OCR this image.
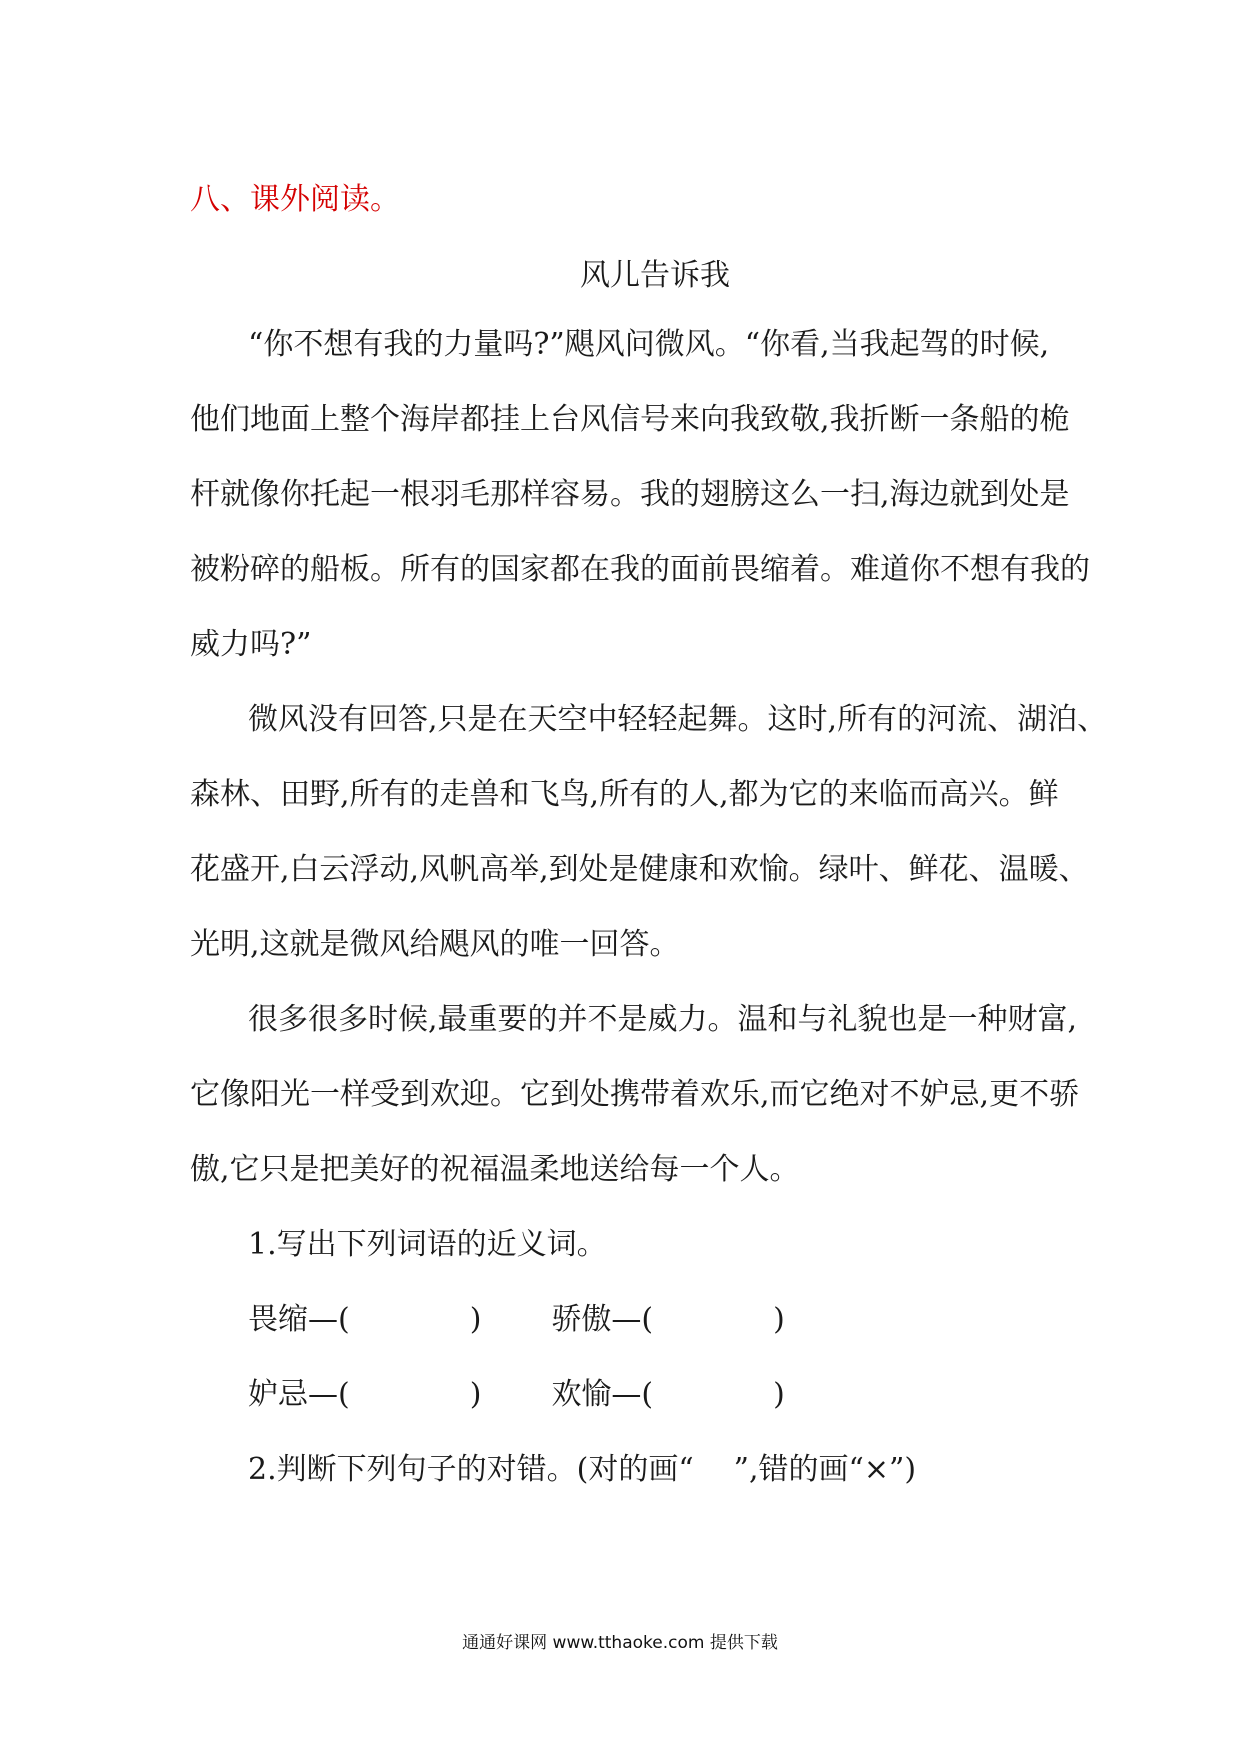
八、课外阅读。
风儿告诉我
“你不想有我的力量吗?”飓风问微风。“你看,当我起驾的时候,
他们地面上整个海岸都挂上台风信号来向我致敬,我折断一条船的桅
杆就像你托起一根羽毛那样容易。我的翅膀这么一扫,海边就到处是
被粉碎的船板。所有的国家都在我的面前畏缩着。难道你不想有我的
威力吗?”
微风没有回答,只是在天空中轻轻起舞。这时,所有的河流、湖泊、
森林、田野,所有的走兽和飞鸟,所有的人,都为它的来临而高兴。鲜
花盛开,白云浮动,风帆高举,到处是健康和欢愉。绿叶、鲜花、温暖、
光明,这就是微风给飓风的唯一回答。
很多很多时候,最重要的并不是威力。温和与礼貌也是一种财富,
它像阳光一样受到欢迎。它到处携带着欢乐,而它绝对不妒忌,更不骄
傲,它只是把美好的祝福温柔地送给每一个人。
1.写出下列词语的近义词。
畏缩—(	) 骄傲—(	)
妒忌—(	) 欢愉—(	)
2.判断下列句子的对错。(对的画“ ”,错的画“×”)
通通好课网 www.tthaoke.com 提供下载
